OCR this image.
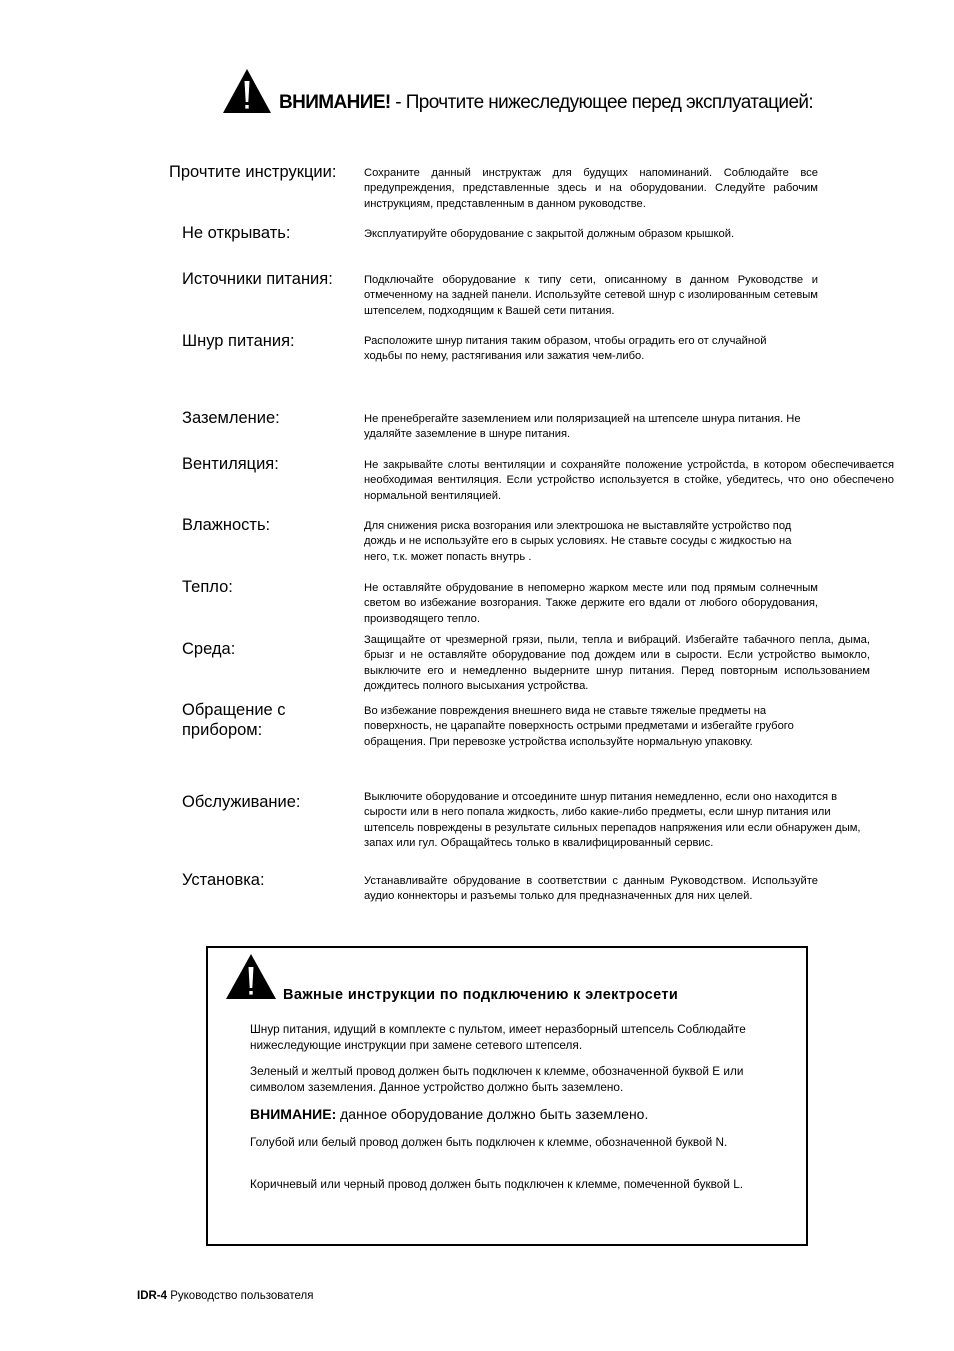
ВНИМАНИЕ! - Прочтите нижеследующее перед эксплуатацией:
Прочтите инструкции: Сохраните данный инструктаж для будущих напоминаний. Соблюдайте все предупреждения, представленные здесь и на оборудовании. Следуйте рабочим инструкциям, представленным в данном руководстве.
Не открывать:	Эксплуатируйте оборудование с закрытой должным образом крышкой.
Источники питания:	Подключайте оборудование к типу сети, описанному в данном Руководстве и отмеченному на задней панели. Используйте сетевой шнур с изолированным сетевым штепселем, подходящим к Вашей сети питания.
Шнур питания:	Расположите шнур питания таким образом, чтобы оградить его от случайной ходьбы по нему, растягивания или зажатия чем-либо.
Заземление:	Не пренебрегайте заземлением или поляризацией на штепселе шнура питания. Не удаляйте заземление в шнуре питания.
Вентиляция:	Не закрывайте слоты вентиляции и сохраняйте положение устройстdа, в котором обеспечивается необходимая вентиляция. Если устройство используется в стойке, убедитесь, что оно обеспечено нормальной вентиляцией.
Влажность:	Для снижения риска возгорания или электрошока не выставляйте устройство под дождь и не используйте его в сырых условиях. Не ставьте сосуды с жидкостью на него, т.к. может попасть внутрь .
Тепло:	Не оставляйте обрудование в непомерно жарком месте или под прямым солнечным светом во избежание возгорания. Также держите его вдали от любого оборудования, производящего тепло.
Среда:	Защищайте от чрезмерной грязи, пыли, тепла и вибраций. Избегайте табачного пепла, дыма, брызг и не оставляйте оборудование под дождем или в сырости. Если устройство вымокло, выключите его и немедленно выдерните шнур питания. Перед повторным использованием дождитесь полного высыхания устройства.
Обращение с прибором:
Во избежание повреждения внешнего вида не ставьте тяжелые предметы на поверхность, не царапайте поверхность острыми предметами и избегайте грубого обращения. При перевозке устройства используйте нормальную упаковку.
Обслуживание:	Выключите оборудование и отсоедините шнур питания немедленно, если оно находится в сырости или в него попала жидкость, либо какие-либо предметы, если шнур питания или штепсель повреждены в результате сильных перепадов напряжения или если обнаружен дым, запах или гул. Обращайтесь только в квалифицированный сервис.
Установка:	Устанавливайте обрудование в соответствии с данным Руководством. Используйте аудио коннекторы и разъемы только для предназначенных для них целей.
Важные инструкции по подключению к электросети
Шнур питания, идущий в комплекте с пультом, имеет неразборный штепсель Соблюдайте нижеследующие инструкции при замене сетевого штепселя.
Зеленый и желтый провод должен быть подключен к клемме, обозначенной буквой E или символом заземления. Данное устройство должно быть заземлено.
ВНИМАНИЕ: данное оборудование должно быть заземлено.
Голубой или белый провод должен быть подключен к клемме, обозначенной буквой N.
Коричневый или черный провод должен быть подключен к клемме, помеченной буквой L.
IDR-4 Руководство пользователя
